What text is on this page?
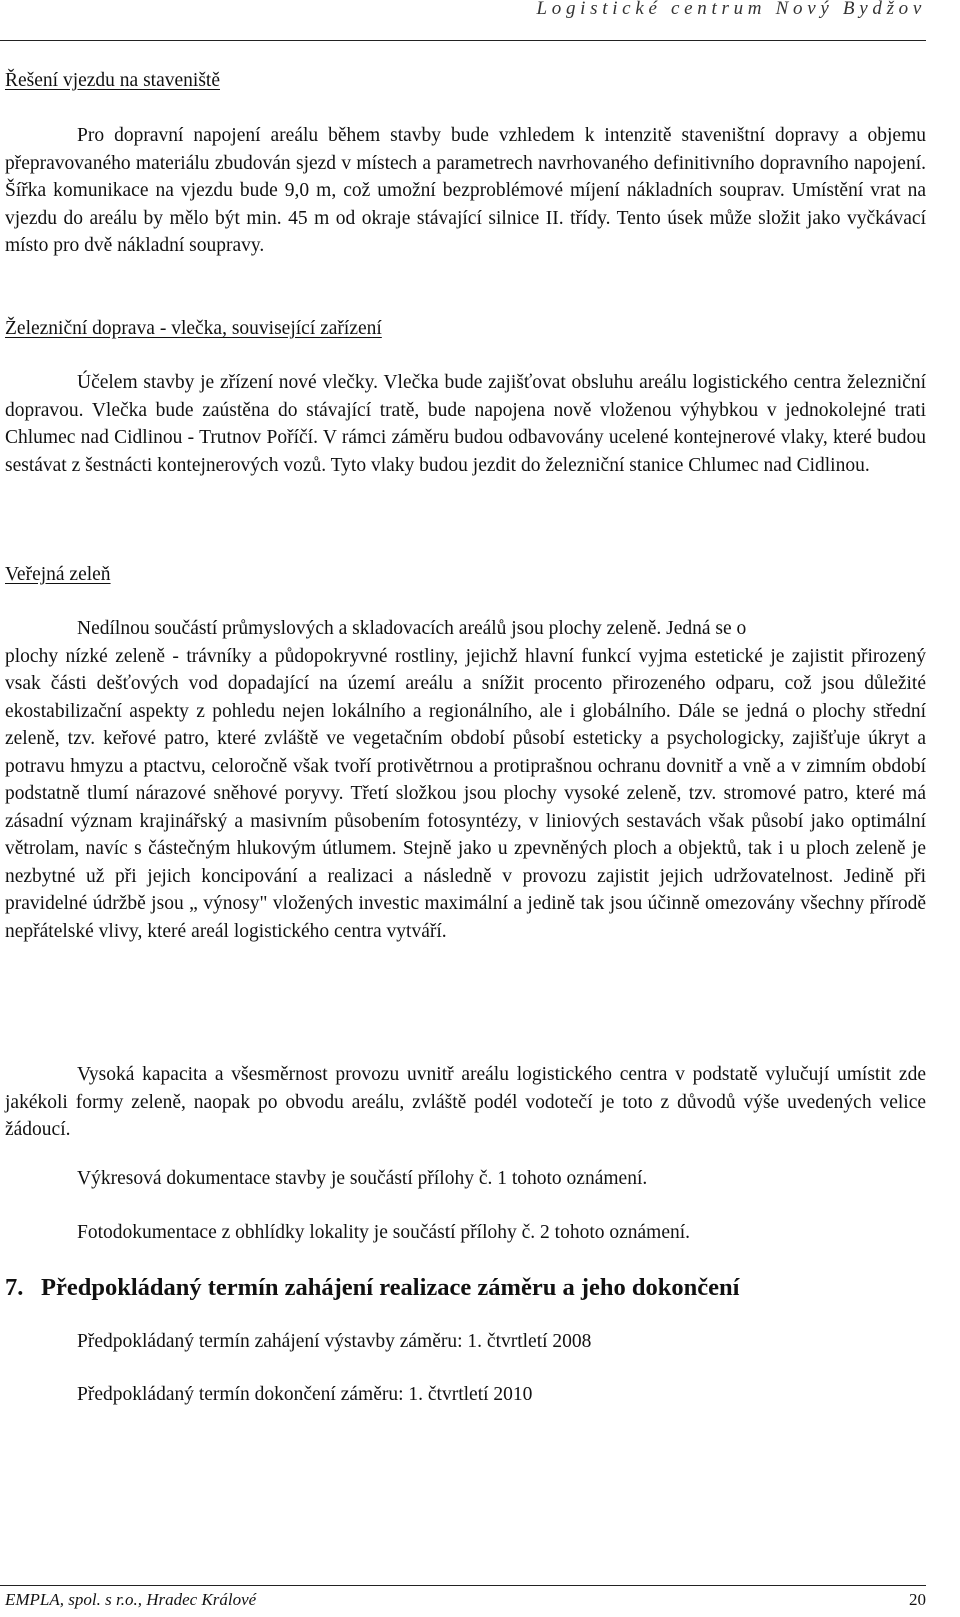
Logistické centrum Nový Bydžov
Řešení vjezdu na staveniště

Pro dopravní napojení areálu během stavby bude vzhledem k intenzitě staveništní dopravy a objemu přepravovaného materiálu zbudován sjezd v místech a parametrech navrhovaného definitivního dopravního napojení. Šířka komunikace na vjezdu bude 9,0 m, což umožní bezproblémové míjení nákladních souprav. Umístění vrat na vjezdu do areálu by mělo být min. 45 m od okraje stávající silnice II. třídy. Tento úsek může složit jako vyčkávací místo pro dvě nákladní soupravy.

Železniční doprava - vlečka, související zařízení

Účelem stavby je zřízení nové vlečky. Vlečka bude zajišťovat obsluhu areálu logistického centra železniční dopravou. Vlečka bude zaústěna do stávající tratě, bude napojena nově vloženou výhybkou v jednokolejné trati Chlumec nad Cidlinou - Trutnov Poříčí. V rámci záměru budou odbavovány ucelené kontejnerové vlaky, které budou sestávat z šestnácti kontejnerových vozů. Tyto vlaky budou jezdit do železniční stanice Chlumec nad Cidlinou.

Veřejná zeleň

Nedílnou součástí průmyslových a skladovacích areálů jsou plochy zeleně. Jedná se o

plochy nízké zeleně - trávníky a půdopokryvné rostliny, jejichž hlavní funkcí vyjma estetické je zajistit přirozený vsak části dešťových vod dopadající na území areálu a snížit procento přirozeného odparu, což jsou důležité ekostabilizační aspekty z pohledu nejen lokálního a regionálního, ale i globálního. Dále se jedná o plochy střední zeleně, tzv. keřové patro, které zvláště ve vegetačním období působí esteticky a psychologicky, zajišťuje úkryt a potravu hmyzu a ptactvu, celoročně však tvoří protivětrnou a protiprašnou ochranu dovnitř a vně a v zimním období podstatně tlumí nárazové sněhové poryvy. Třetí složkou jsou plochy vysoké zeleně, tzv. stromové patro, které má zásadní význam krajinářský a masivním působením fotosyntézy, v liniových sestavách však působí jako optimální větrolam, navíc s částečným hlukovým útlumem. Stejně jako u zpevněných ploch a objektů, tak i u ploch zeleně je nezbytné už při jejich koncipování a realizaci a následně v provozu zajistit jejich udržovatelnost. Jedině při pravidelné údržbě jsou „ výnosy" vložených investic maximální a jedině tak jsou účinně omezovány všechny přírodě nepřátelské vlivy, které areál logistického centra vytváří.

Vysoká kapacita a všesměrnost provozu uvnitř areálu logistického centra v podstatě vylučují umístit zde jakékoli formy zeleně, naopak po obvodu areálu, zvláště podél vodotečí je toto z důvodů výše uvedených velice žádoucí.

Výkresová dokumentace stavby je součástí přílohy č. 1 tohoto oznámení.
Fotodokumentace z obhlídky lokality je součástí přílohy č. 2 tohoto oznámení.
7. Předpokládaný termín zahájení realizace záměru a jeho dokončení
Předpokládaný termín zahájení výstavby záměru: 1. čtvrtletí 2008
Předpokládaný termín dokončení záměru: 1. čtvrtletí 2010
EMPLA, spol. s r.o., Hradec Králové	20
